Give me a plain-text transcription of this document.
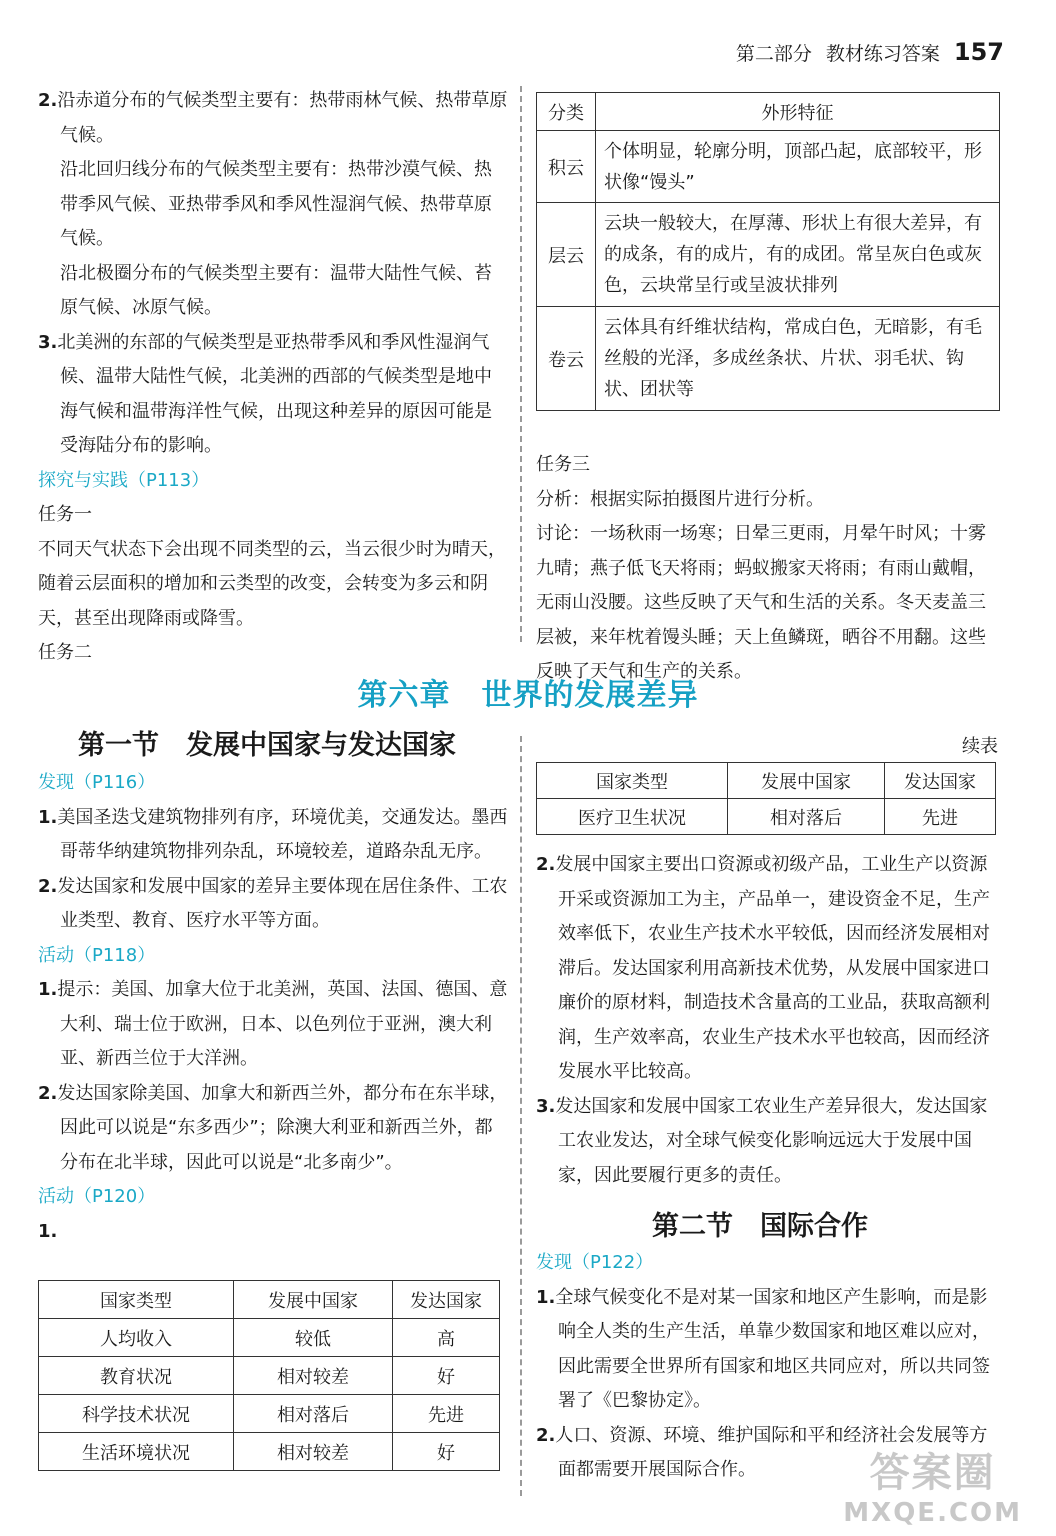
第二部分 教材练习答案 157

2.沿赤道分布的气候类型主要有：热带雨林气候、热带草原气候。

沿北回归线分布的气候类型主要有：热带沙漠气候、热带季风气候、亚热带季风和季风性湿润气候、热带草原气候。

沿北极圈分布的气候类型主要有：温带大陆性气候、苔原气候、冰原气候。

3.北美洲的东部的气候类型是亚热带季风和季风性湿润气候、温带大陆性气候，北美洲的西部的气候类型是地中海气候和温带海洋性气候，出现这种差异的原因可能是受海陆分布的影响。

探究与实践（P113）

任务一

不同天气状态下会出现不同类型的云，当云很少时为晴天，随着云层面积的增加和云类型的改变，会转变为多云和阴天，甚至出现降雨或降雪。

任务二

分类	外形特征
积云	个体明显，轮廓分明，顶部凸起，底部较平，形状像“馒头”
层云	云块一般较大，在厚薄、形状上有很大差异，有的成条，有的成片，有的成团。常呈灰白色或灰色，云块常呈行或呈波状排列
卷云	云体具有纤维状结构，常成白色，无暗影，有毛丝般的光泽，多成丝条状、片状、羽毛状、钩状、团状等

任务三

分析：根据实际拍摄图片进行分析。

讨论：一场秋雨一场寒；日晕三更雨，月晕午时风；十雾九晴；燕子低飞天将雨；蚂蚁搬家天将雨；有雨山戴帽，无雨山没腰。这些反映了天气和生活的关系。冬天麦盖三层被，来年枕着馒头睡；天上鱼鳞斑，晒谷不用翻。这些反映了天气和生产的关系。

第六章　世界的发展差异
第一节　发展中国家与发达国家

发现（P116）

1.美国圣迭戈建筑物排列有序，环境优美，交通发达。墨西哥蒂华纳建筑物排列杂乱，环境较差，道路杂乱无序。

2.发达国家和发展中国家的差异主要体现在居住条件、工农业类型、教育、医疗水平等方面。

活动（P118）

1.提示：美国、加拿大位于北美洲，英国、法国、德国、意大利、瑞士位于欧洲，日本、以色列位于亚洲，澳大利亚、新西兰位于大洋洲。

2.发达国家除美国、加拿大和新西兰外，都分布在东半球，因此可以说是“东多西少”；除澳大利亚和新西兰外，都分布在北半球，因此可以说是“北多南少”。

活动（P120）

1.

国家类型	发展中国家	发达国家
人均收入	较低	高
教育状况	相对较差	好
科学技术状况	相对落后	先进
生活环境状况	相对较差	好
续表
国家类型	发展中国家	发达国家
医疗卫生状况	相对落后	先进

2.发展中国家主要出口资源或初级产品，工业生产以资源开采或资源加工为主，产品单一，建设资金不足，生产效率低下，农业生产技术水平较低，因而经济发展相对滞后。发达国家利用高新技术优势，从发展中国家进口廉价的原材料，制造技术含量高的工业品，获取高额利润，生产效率高，农业生产技术水平也较高，因而经济发展水平比较高。

3.发达国家和发展中国家工农业生产差异很大，发达国家工农业发达，对全球气候变化影响远远大于发展中国家，因此要履行更多的责任。

第二节　国际合作

发现（P122）

1.全球气候变化不是对某一国家和地区产生影响，而是影响全人类的生产生活，单靠少数国家和地区难以应对，因此需要全世界所有国家和地区共同应对，所以共同签署了《巴黎协定》。

2.人口、资源、环境、维护国际和平和经济社会发展等方面都需要开展国际合作。	答案圈
MXQE.COM
